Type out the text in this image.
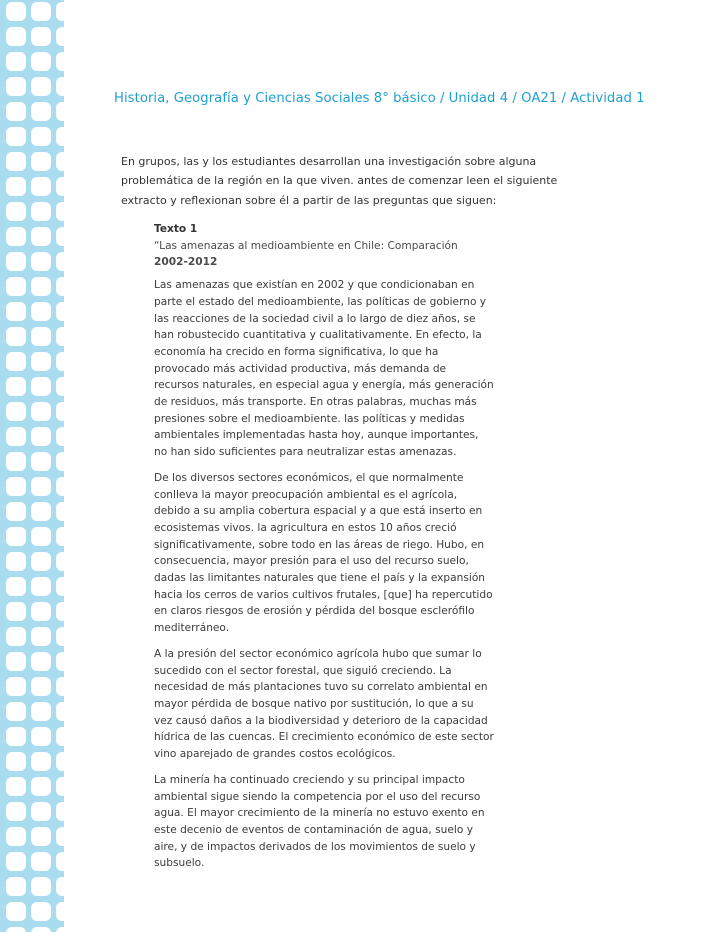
Historia, Geografía y Ciencias Sociales 8° básico / Unidad 4 / OA21 / Actividad 1

En grupos, las y los estudiantes desarrollan una investigación sobre alguna problemática de la región en la que viven. antes de comenzar leen el siguiente extracto y reflexionan sobre él a partir de las preguntas que siguen:

Texto 1

“Las amenazas al medioambiente en Chile: Comparación

2002-2012

Las amenazas que existían en 2002 y que condicionaban en parte el estado del medioambiente, las políticas de gobierno y las reacciones de la sociedad civil a lo largo de diez años, se han robustecido cuantitativa y cualitativamente. En efecto, la economía ha crecido en forma significativa, lo que ha provocado más actividad productiva, más demanda de recursos naturales, en especial agua y energía, más generación de residuos, más transporte. En otras palabras, muchas más presiones sobre el medioambiente. las políticas y medidas ambientales implementadas hasta hoy, aunque importantes, no han sido suficientes para neutralizar estas amenazas.

De los diversos sectores económicos, el que normalmente conlleva la mayor preocupación ambiental es el agrícola, debido a su amplia cobertura espacial y a que está inserto en ecosistemas vivos. la agricultura en estos 10 años creció significativamente, sobre todo en las áreas de riego. Hubo, en consecuencia, mayor presión para el uso del recurso suelo, dadas las limitantes naturales que tiene el país y la expansión hacia los cerros de varios cultivos frutales, [que] ha repercutido en claros riesgos de erosión y pérdida del bosque esclerófilo mediterráneo.

A la presión del sector económico agrícola hubo que sumar lo sucedido con el sector forestal, que siguió creciendo. La necesidad de más plantaciones tuvo su correlato ambiental en mayor pérdida de bosque nativo por sustitución, lo que a su vez causó daños a la biodiversidad y deterioro de la capacidad hídrica de las cuencas. El crecimiento económico de este sector vino aparejado de grandes costos ecológicos.

La minería ha continuado creciendo y su principal impacto ambiental sigue siendo la competencia por el uso del recurso agua. El mayor crecimiento de la minería no estuvo exento en este decenio de eventos de contaminación de agua, suelo y aire, y de impactos derivados de los movimientos de suelo y subsuelo.
